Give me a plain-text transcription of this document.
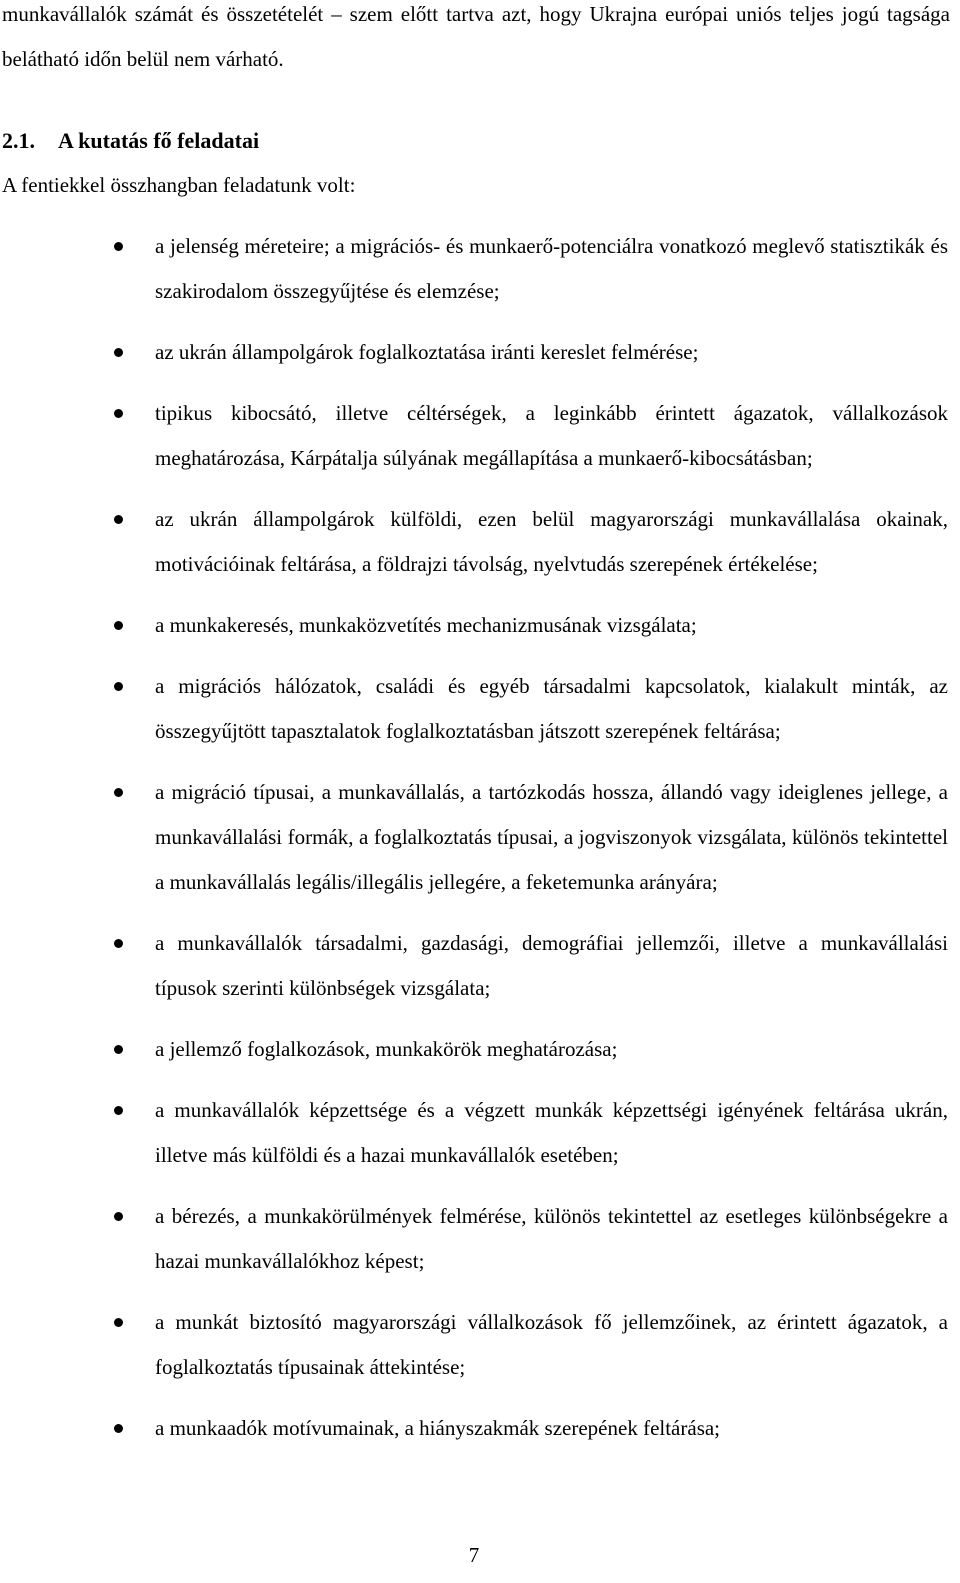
munkavállalók számát és összetételét – szem előtt tartva azt, hogy Ukrajna európai uniós teljes jogú tagsága belátható időn belül nem várható.

2.1. A kutatás fő feladatai
A fentiekkel összhangban feladatunk volt:
a jelenség méreteire; a migrációs- és munkaerő-potenciálra vonatkozó meglevő statisztikák és szakirodalom összegyűjtése és elemzése;
az ukrán állampolgárok foglalkoztatása iránti kereslet felmérése;
tipikus kibocsátó, illetve céltérségek, a leginkább érintett ágazatok, vállalkozások meghatározása, Kárpátalja súlyának megállapítása a munkaerő-kibocsátásban;
az ukrán állampolgárok külföldi, ezen belül magyarországi munkavállalása okainak, motivációinak feltárása, a földrajzi távolság, nyelvtudás szerepének értékelése;
a munkakeresés, munkaközvetítés mechanizmusának vizsgálata;
a migrációs hálózatok, családi és egyéb társadalmi kapcsolatok, kialakult minták, az összegyűjtött tapasztalatok foglalkoztatásban játszott szerepének feltárása;
a migráció típusai, a munkavállalás, a tartózkodás hossza, állandó vagy ideiglenes jellege, a munkavállalási formák, a foglalkoztatás típusai, a jogviszonyok vizsgálata, különös tekintettel a munkavállalás legális/illegális jellegére, a feketemunka arányára;
a munkavállalók társadalmi, gazdasági, demográfiai jellemzői, illetve a munkavállalási típusok szerinti különbségek vizsgálata;
a jellemző foglalkozások, munkakörök meghatározása;
a munkavállalók képzettsége és a végzett munkák képzettségi igényének feltárása ukrán, illetve más külföldi és a hazai munkavállalók esetében;
a bérezés, a munkakörülmények felmérése, különös tekintettel az esetleges különbségekre a hazai munkavállalókhoz képest;
a munkát biztosító magyarországi vállalkozások fő jellemzőinek, az érintett ágazatok, a foglalkoztatás típusainak áttekintése;
a munkaadók motívumainak, a hiányszakmák szerepének feltárása;
7
